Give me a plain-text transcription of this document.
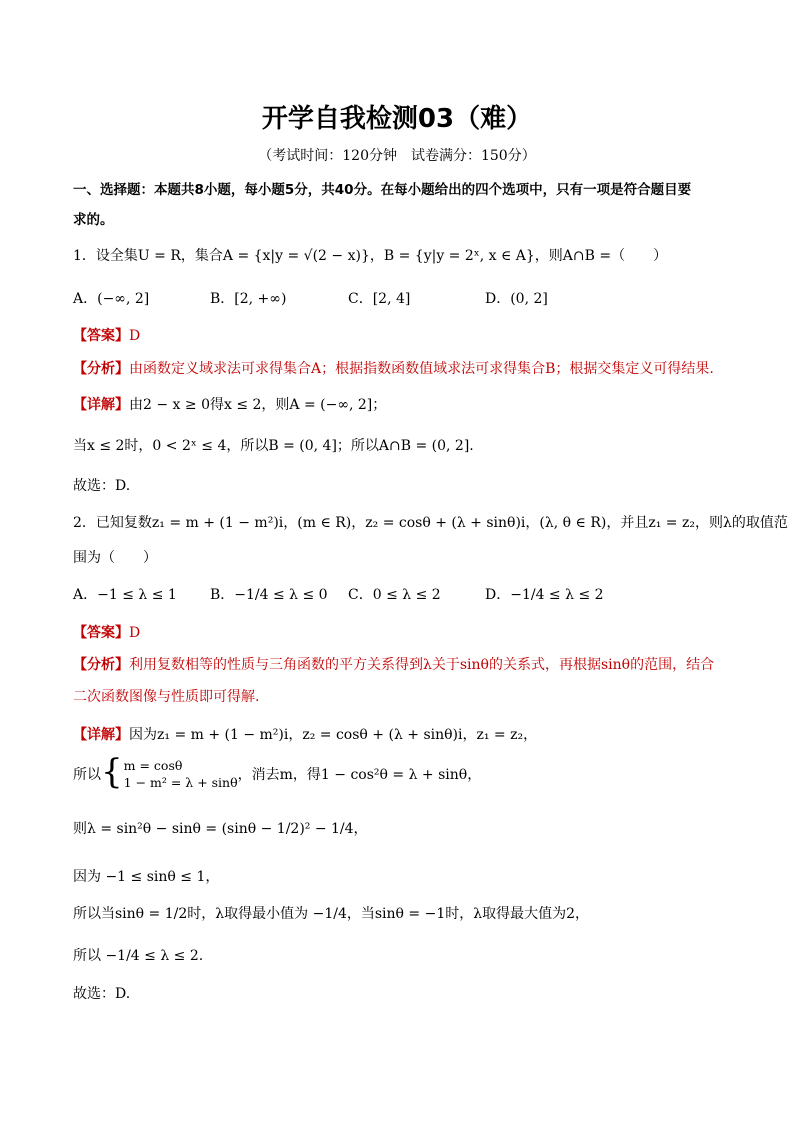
开学自我检测03（难）
（考试时间：120分钟　试卷满分：150分）
一、选择题：本题共8小题，每小题5分，共40分。在每小题给出的四个选项中，只有一项是符合题目要
求的。
1．设全集U = R，集合A = {x|y = √(2 − x)}，B = {y|y = 2ˣ, x ∈ A}，则A∩B =（　　）
A．(−∞, 2]	B．[2, +∞)	C．[2, 4]	D．(0, 2]
【答案】D
【分析】由函数定义域求法可求得集合A；根据指数函数值域求法可求得集合B；根据交集定义可得结果.
【详解】由2 − x ≥ 0得x ≤ 2，则A = (−∞, 2]；
当x ≤ 2时，0 < 2ˣ ≤ 4，所以B = (0, 4]；所以A∩B = (0, 2].
故选：D.
2．已知复数z₁ = m + (1 − m²)i，(m ∈ R)，z₂ = cosθ + (λ + sinθ)i，(λ, θ ∈ R)，并且z₁ = z₂，则λ的取值范
围为（　　）
A．−1 ≤ λ ≤ 1 B．−1/4 ≤ λ ≤ 0 C．0 ≤ λ ≤ 2	D．−1/4 ≤ λ ≤ 2
【答案】D
【分析】利用复数相等的性质与三角函数的平方关系得到λ关于sinθ的关系式，再根据sinθ的范围，结合
二次函数图像与性质即可得解.
【详解】因为z₁ = m + (1 − m²)i，z₂ = cosθ + (λ + sinθ)i，z₁ = z₂，
所以 { m = cosθ
1 − m² = λ + sinθ ，消去m，得1 − cos²θ = λ + sinθ，
则λ = sin²θ − sinθ = (sinθ − 1/2)² − 1/4，
因为 −1 ≤ sinθ ≤ 1，
所以当sinθ = 1/2时，λ取得最小值为 −1/4，当sinθ = −1时，λ取得最大值为2，
所以 −1/4 ≤ λ ≤ 2.
故选：D.
